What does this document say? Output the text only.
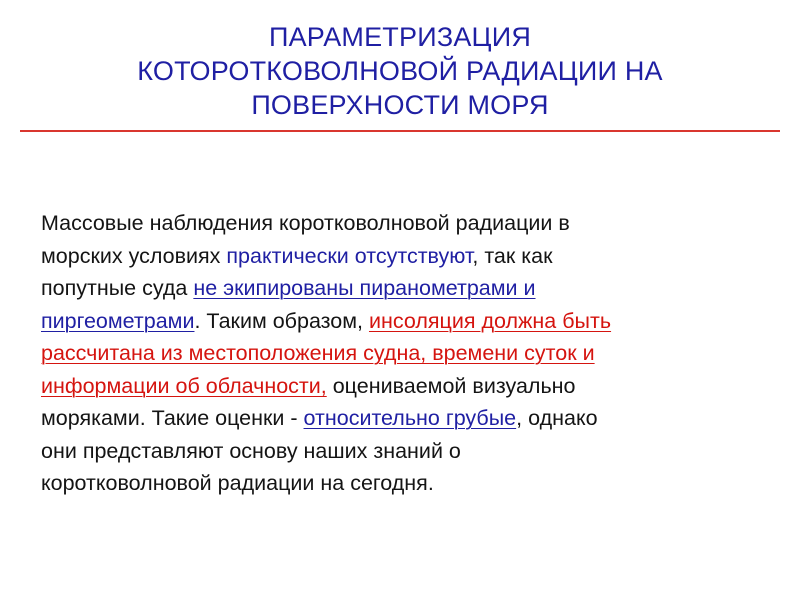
ПАРАМЕТРИЗАЦИЯ
КОТОРОТКОВОЛНОВОЙ РАДИАЦИИ НА
ПОВЕРХНОСТИ МОРЯ
Массовые наблюдения коротковолновой радиации в
морских условиях практически отсутствуют, так как
попутные суда не экипированы пиранометрами и
пиргеометрами. Таким образом, инсоляция должна быть
рассчитана из местоположения судна, времени суток и
информации об облачности, оцениваемой визуально
моряками. Такие оценки - относительно грубые, однако
они представляют основу наших знаний о
коротковолновой радиации на сегодня.
